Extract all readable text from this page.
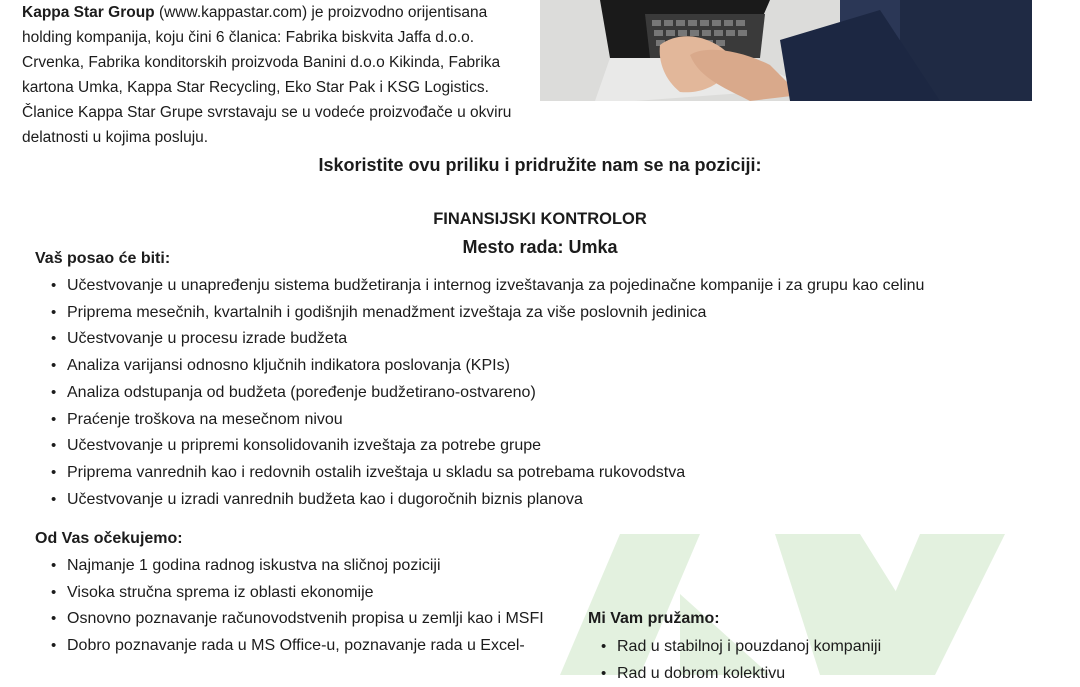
Kappa Star Group (www.kappastar.com) je proizvodno orijentisana holding kompanija, koju čini 6 članica: Fabrika biskvita Jaffa d.o.o. Crvenka, Fabrika konditorskih proizvoda Banini d.o.o Kikinda, Fabrika kartona Umka, Kappa Star Recycling, Eko Star Pak i KSG Logistics. Članice Kappa Star Grupe svrstavaju se u vodeće proizvođače u okviru delatnosti u kojima posluju.

Iskoristite ovu priliku i pridružite nam se na poziciji:

FINANSIJSKI KONTROLOR

Mesto rada: Umka

Vaš posao će biti:

• Učestvovanje u unapređenju sistema budžetiranja i internog izveštavanja za pojedinačne kompanije i za grupu kao celinu
• Priprema mesečnih, kvartalnih i godišnjih menadžment izveštaja za više poslovnih jedinica
• Učestvovanje u procesu izrade budžeta
• Analiza varijansi odnosno ključnih indikatora poslovanja (KPIs)
• Analiza odstupanja od budžeta (poređenje budžetirano-ostvareno)
• Praćenje troškova na mesečnom nivou
• Učestvovanje u pripremi konsolidovanih izveštaja za potrebe grupe
• Priprema vanrednih kao i redovnih ostalih izveštaja u skladu sa potrebama rukovodstva
• Učestvovanje u izradi vanrednih budžeta kao i dugoročnih biznis planova

Od Vas očekujemo:

• Najmanje 1 godina radnog iskustva na sličnoj poziciji
• Visoka stručna sprema iz oblasti ekonomije
• Osnovno poznavanje računovodstvenih propisa u zemlji kao i MSFI
• Dobro poznavanje rada u MS Office-u, poznavanje rada u Excel-

Mi Vam pružamo:

• Rad u stabilnoj i pouzdanoj kompaniji
• Rad u dobrom kolektivu
